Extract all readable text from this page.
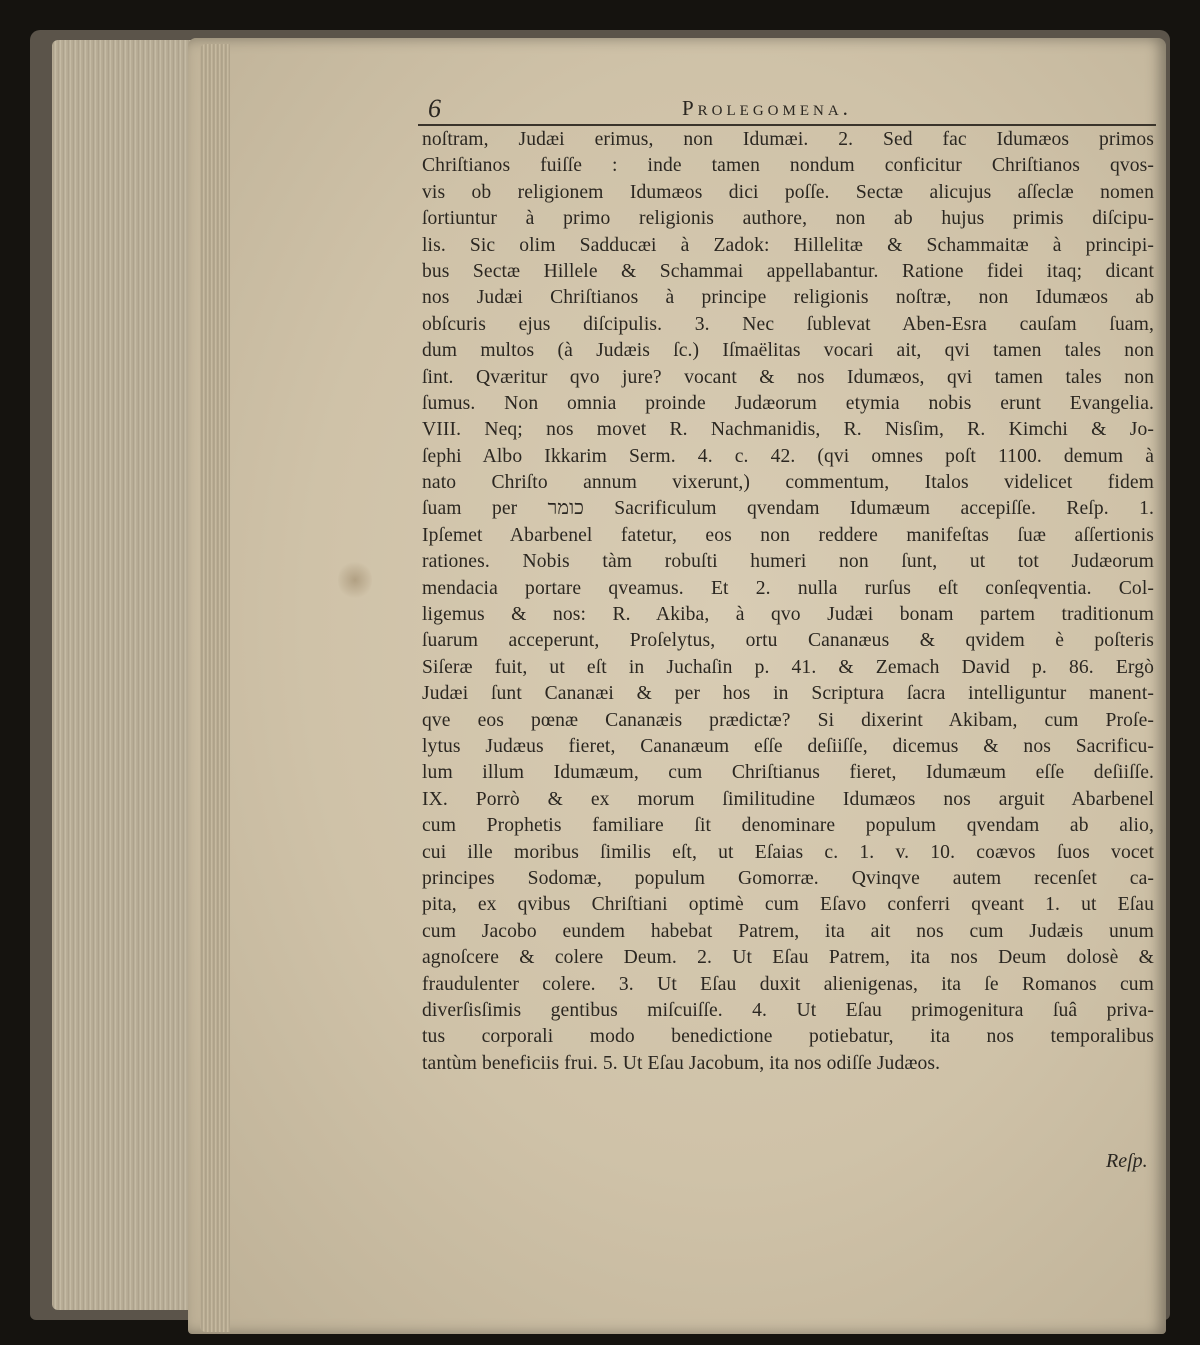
6	Prolegomena.
noſtram, Judæi erimus, non Idumæi. 2. Sed fac Idumæos primos
Chriſtianos fuiſſe : inde tamen nondum conficitur Chriſtianos qvos-
vis ob religionem Idumæos dici poſſe. Sectæ alicujus aſſeclæ nomen
ſortiuntur à primo religionis authore, non ab hujus primis diſcipu-
lis. Sic olim Sadducæi à Zadok: Hillelitæ & Schammaitæ à principi-
bus Sectæ Hillele & Schammai appellabantur. Ratione fidei itaq; dicant
nos Judæi Chriſtianos à principe religionis noſtræ, non Idumæos ab
obſcuris ejus diſcipulis. 3. Nec ſublevat Aben-Esra cauſam ſuam,
dum multos (à Judæis ſc.) Iſmaëlitas vocari ait, qvi tamen tales non
ſint. Qværitur qvo jure? vocant & nos Idumæos, qvi tamen tales non
ſumus. Non omnia proinde Judæorum etymia nobis erunt Evangelia.
VIII. Neq; nos movet R. Nachmanidis, R. Nisſim, R. Kimchi & Jo-
ſephi Albo Ikkarim Serm. 4. c. 42. (qvi omnes poſt 1100. demum à
nato Chriſto annum vixerunt,) commentum, Italos videlicet fidem
ſuam per כומר Sacrificulum qvendam Idumæum accepiſſe. Reſp. 1.
Ipſemet Abarbenel fatetur, eos non reddere manifeſtas ſuæ aſſertionis
rationes. Nobis tàm robuſti humeri non ſunt, ut tot Judæorum
mendacia portare qveamus. Et 2. nulla rurſus eſt conſeqventia. Col-
ligemus & nos: R. Akiba, à qvo Judæi bonam partem traditionum
ſuarum acceperunt, Proſelytus, ortu Cananæus & qvidem è poſteris
Siſeræ fuit, ut eſt in Juchaſin p. 41. & Zemach David p. 86. Ergò
Judæi ſunt Cananæi & per hos in Scriptura ſacra intelliguntur manent-
qve eos pœnæ Cananæis prædictæ? Si dixerint Akibam, cum Proſe-
lytus Judæus fieret, Cananæum eſſe deſiiſſe, dicemus & nos Sacrificu-
lum illum Idumæum, cum Chriſtianus fieret, Idumæum eſſe deſiiſſe.
IX. Porrò & ex morum ſimilitudine Idumæos nos arguit Abarbenel
cum Prophetis familiare ſit denominare populum qvendam ab alio,
cui ille moribus ſimilis eſt, ut Eſaias c. 1. v. 10. coævos ſuos vocet
principes Sodomæ, populum Gomorræ. Qvinqve autem recenſet ca-
pita, ex qvibus Chriſtiani optimè cum Eſavo conferri qveant 1. ut Eſau
cum Jacobo eundem habebat Patrem, ita ait nos cum Judæis unum
agnoſcere & colere Deum. 2. Ut Eſau Patrem, ita nos Deum dolosè &
fraudulenter colere. 3. Ut Eſau duxit alienigenas, ita ſe Romanos cum
diverſisſimis gentibus miſcuiſſe. 4. Ut Eſau primogenitura ſuâ priva-
tus corporali modo benedictione potiebatur, ita nos temporalibus
tantùm beneficiis frui. 5. Ut Eſau Jacobum, ita nos odiſſe Judæos.
Reſp.
